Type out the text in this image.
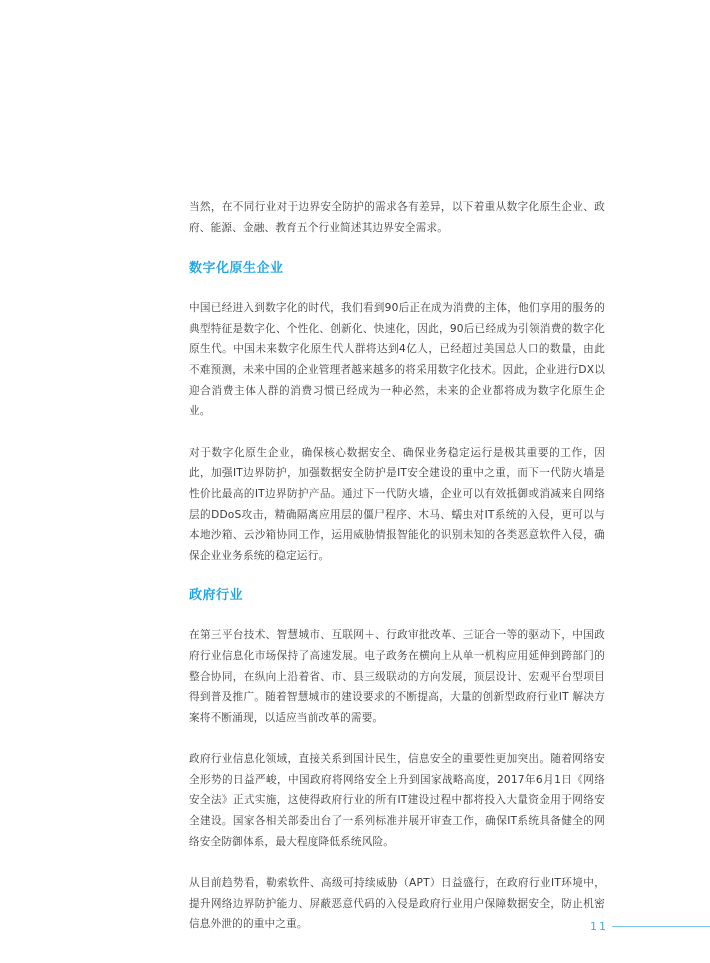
当然，在不同行业对于边界安全防护的需求各有差异，以下着重从数字化原生企业、政府、能源、金融、教育五个行业简述其边界安全需求。

数字化原生企业

中国已经进入到数字化的时代，我们看到90后正在成为消费的主体，他们享用的服务的典型特征是数字化、个性化、创新化、快速化，因此，90后已经成为引领消费的数字化原生代。中国未来数字化原生代人群将达到4亿人，已经超过美国总人口的数量，由此不难预测，未来中国的企业管理者越来越多的将采用数字化技术。因此，企业进行DX以迎合消费主体人群的消费习惯已经成为一种必然，未来的企业都将成为数字化原生企业。

对于数字化原生企业，确保核心数据安全、确保业务稳定运行是极其重要的工作，因此，加强IT边界防护，加强数据安全防护是IT安全建设的重中之重，而下一代防火墙是性价比最高的IT边界防护产品。通过下一代防火墙，企业可以有效抵御或消减来自网络层的DDoS攻击，精确隔离应用层的僵尸程序、木马、蠕虫对IT系统的入侵，更可以与本地沙箱、云沙箱协同工作，运用威胁情报智能化的识别未知的各类恶意软件入侵，确保企业业务系统的稳定运行。

政府行业

在第三平台技术、智慧城市、互联网＋、行政审批改革、三证合一等的驱动下，中国政府行业信息化市场保持了高速发展。电子政务在横向上从单一机构应用延伸到跨部门的整合协同，在纵向上沿着省、市、县三级联动的方向发展，顶层设计、宏观平台型项目得到普及推广。随着智慧城市的建设要求的不断提高，大量的创新型政府行业IT 解决方案将不断涌现，以适应当前改革的需要。

政府行业信息化领域，直接关系到国计民生，信息安全的重要性更加突出。随着网络安全形势的日益严峻，中国政府将网络安全上升到国家战略高度，2017年6月1日《网络安全法》正式实施，这使得政府行业的所有IT建设过程中都将投入大量资金用于网络安全建设。国家各相关部委出台了一系列标准并展开审查工作，确保IT系统具备健全的网络安全防御体系，最大程度降低系统风险。

从目前趋势看，勒索软件、高级可持续威胁（APT）日益盛行，在政府行业IT环境中，提升网络边界防护能力、屏蔽恶意代码的入侵是政府行业用户保障数据安全，防止机密信息外泄的的重中之重。	11
